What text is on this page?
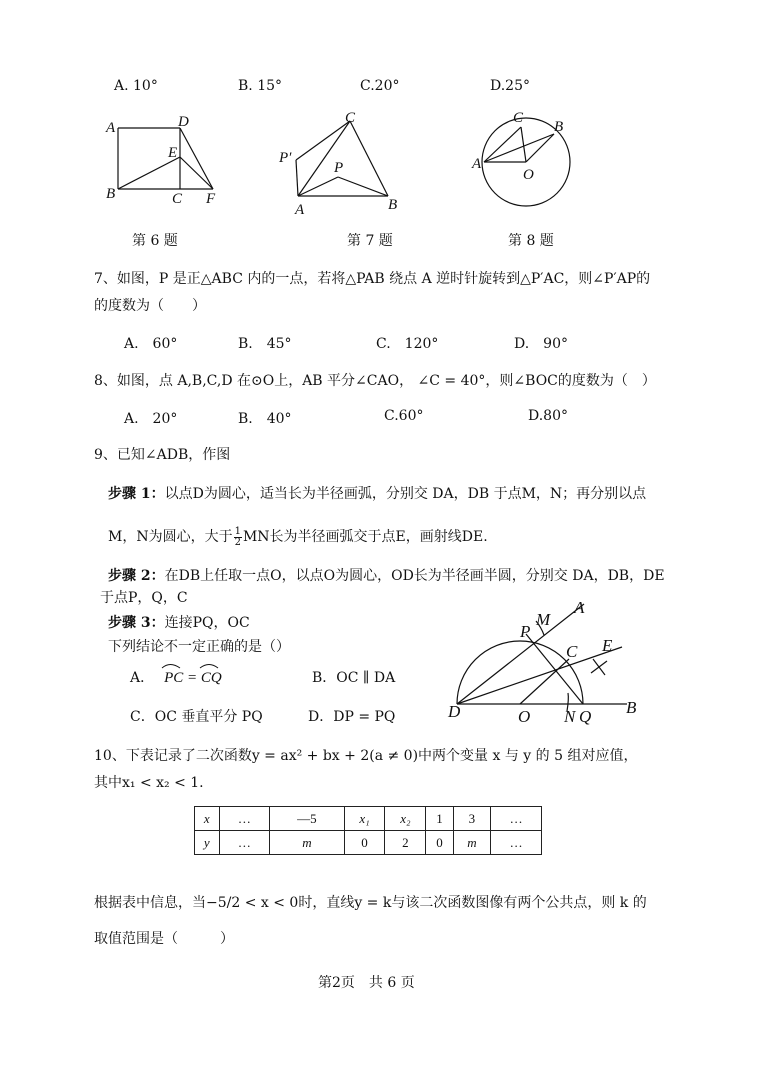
A. 10°	B. 15°	C.20°	D.25°
A	D
E
B	C F
C
P′
P
A	B
C
B
A
O
第 6 题	第 7 题	第 8 题
7、如图，P 是正△ABC 内的一点，若将△PAB 绕点 A 逆时针旋转到△P′AC，则∠P′AP的
的度数为（　　）
A.　60°	B.　45°	C.　120°	D.　90°
8、如图，点 A,B,C,D 在⊙O上，AB 平分∠CAO， ∠C = 40°，则∠BOC的度数为（　）
A.　20°	B.　40°	C.60°	D.80°
9、已知∠ADB，作图
步骤 1：以点D为圆心，适当长为半径画弧，分别交 DA，DB 于点M，N；再分别以点
M，N为圆心，大于 $\frac{1}{2}$ MN长为半径画弧交于点E，画射线DE.
步骤 2：在DB上任取一点O，以点O为圆心，OD长为半径画半圆，分别交 DA，DB，DE
于点P，Q，C
步骤 3：连接PQ，OC
下列结论不一定正确的是（）
A． PC = CQ	B．OC ∥ DA
C．OC 垂直平分 PQ	D．DP = PQ
M
A
P
E
C
D	O N Q B
10、下表记录了二次函数y = ax² + bx + 2(a ≠ 0)中两个变量 x 与 y 的 5 组对应值，
其中x₁ < x₂ < 1.
x	…	—5	x₁	x₂	1	3	…
y	…	m	0	2	0	m	…
根据表中信息，当−5/2 < x < 0时，直线y = k与该二次函数图像有两个公共点，则 k 的
取值范围是（　　　）
第2页　共 6 页
